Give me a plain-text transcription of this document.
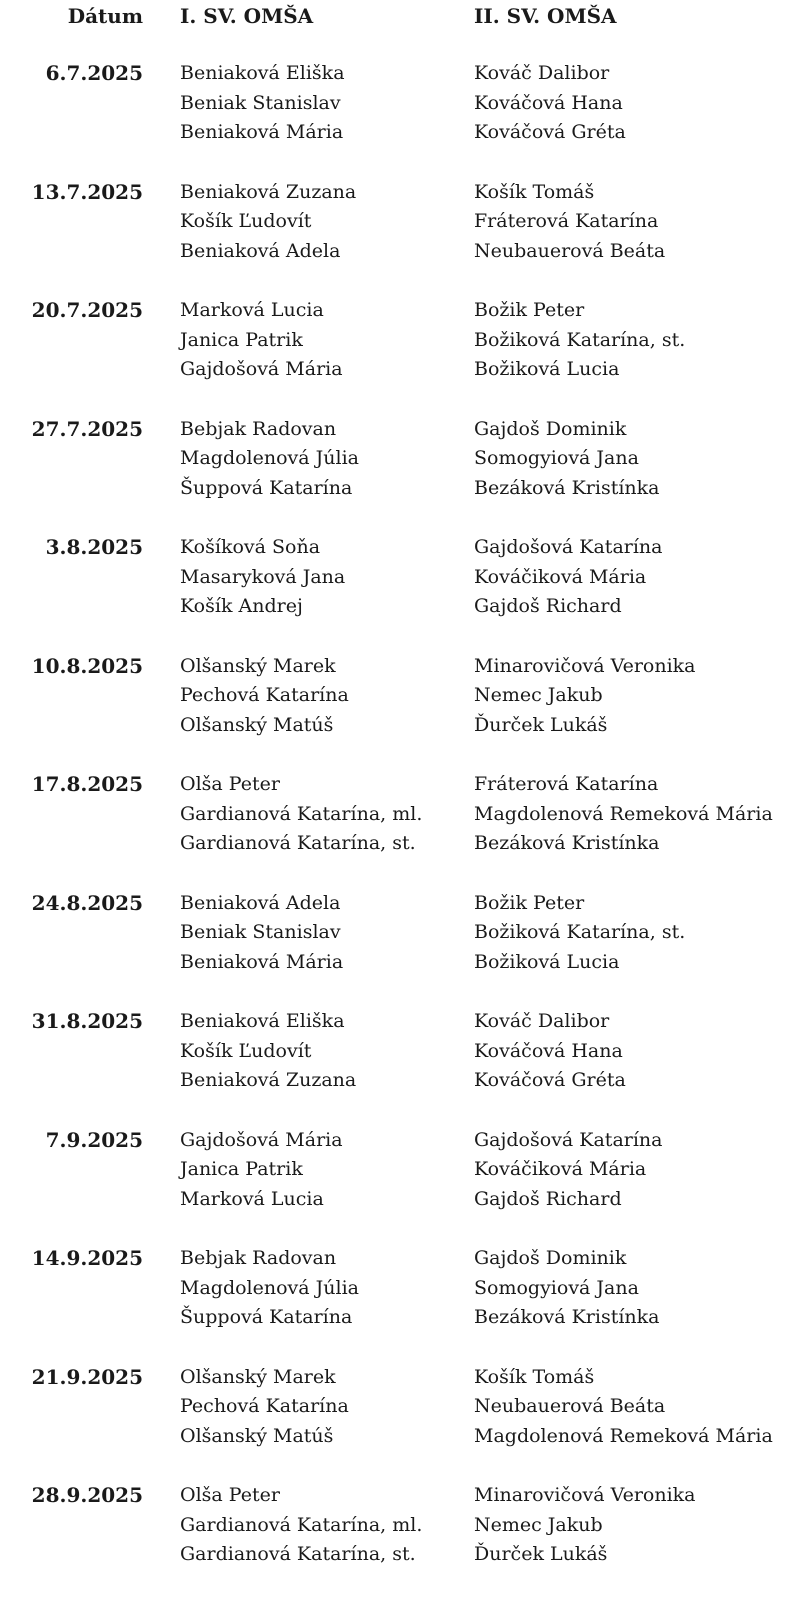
Dátum I. SV. OMŠA	II. SV. OMŠA
6.7.2025 Beniaková Eliška
Beniak Stanislav
Beniaková Mária
Kováč Dalibor
Kováčová Hana
Kováčová Gréta
13.7.2025 Beniaková Zuzana
Košík Ľudovít
Beniaková Adela
Košík Tomáš
Fráterová Katarína
Neubauerová Beáta
20.7.2025 Marková Lucia
Janica Patrik
Gajdošová Mária
Božik Peter
Božiková Katarína, st.
Božiková Lucia
27.7.2025 Bebjak Radovan
Magdolenová Júlia
Šuppová Katarína
Gajdoš Dominik
Somogyiová Jana
Bezáková Kristínka
3.8.2025 Košíková Soňa
Masaryková Jana
Košík Andrej
Gajdošová Katarína
Kováčiková Mária
Gajdoš Richard
10.8.2025 Olšanský Marek
Pechová Katarína
Olšanský Matúš
Minarovičová Veronika
Nemec Jakub
Ďurček Lukáš
17.8.2025 Olša Peter
Gardianová Katarína, ml.
Gardianová Katarína, st.
Fráterová Katarína
Magdolenová Remeková Mária
Bezáková Kristínka
24.8.2025 Beniaková Adela
Beniak Stanislav
Beniaková Mária
Božik Peter
Božiková Katarína, st.
Božiková Lucia
31.8.2025 Beniaková Eliška
Košík Ľudovít
Beniaková Zuzana
Kováč Dalibor
Kováčová Hana
Kováčová Gréta
7.9.2025 Gajdošová Mária
Janica Patrik
Marková Lucia
Gajdošová Katarína
Kováčiková Mária
Gajdoš Richard
14.9.2025 Bebjak Radovan
Magdolenová Júlia
Šuppová Katarína
Gajdoš Dominik
Somogyiová Jana
Bezáková Kristínka
21.9.2025 Olšanský Marek
Pechová Katarína
Olšanský Matúš
Košík Tomáš
Neubauerová Beáta
Magdolenová Remeková Mária
28.9.2025 Olša Peter
Gardianová Katarína, ml.
Gardianová Katarína, st.
Minarovičová Veronika
Nemec Jakub
Ďurček Lukáš
